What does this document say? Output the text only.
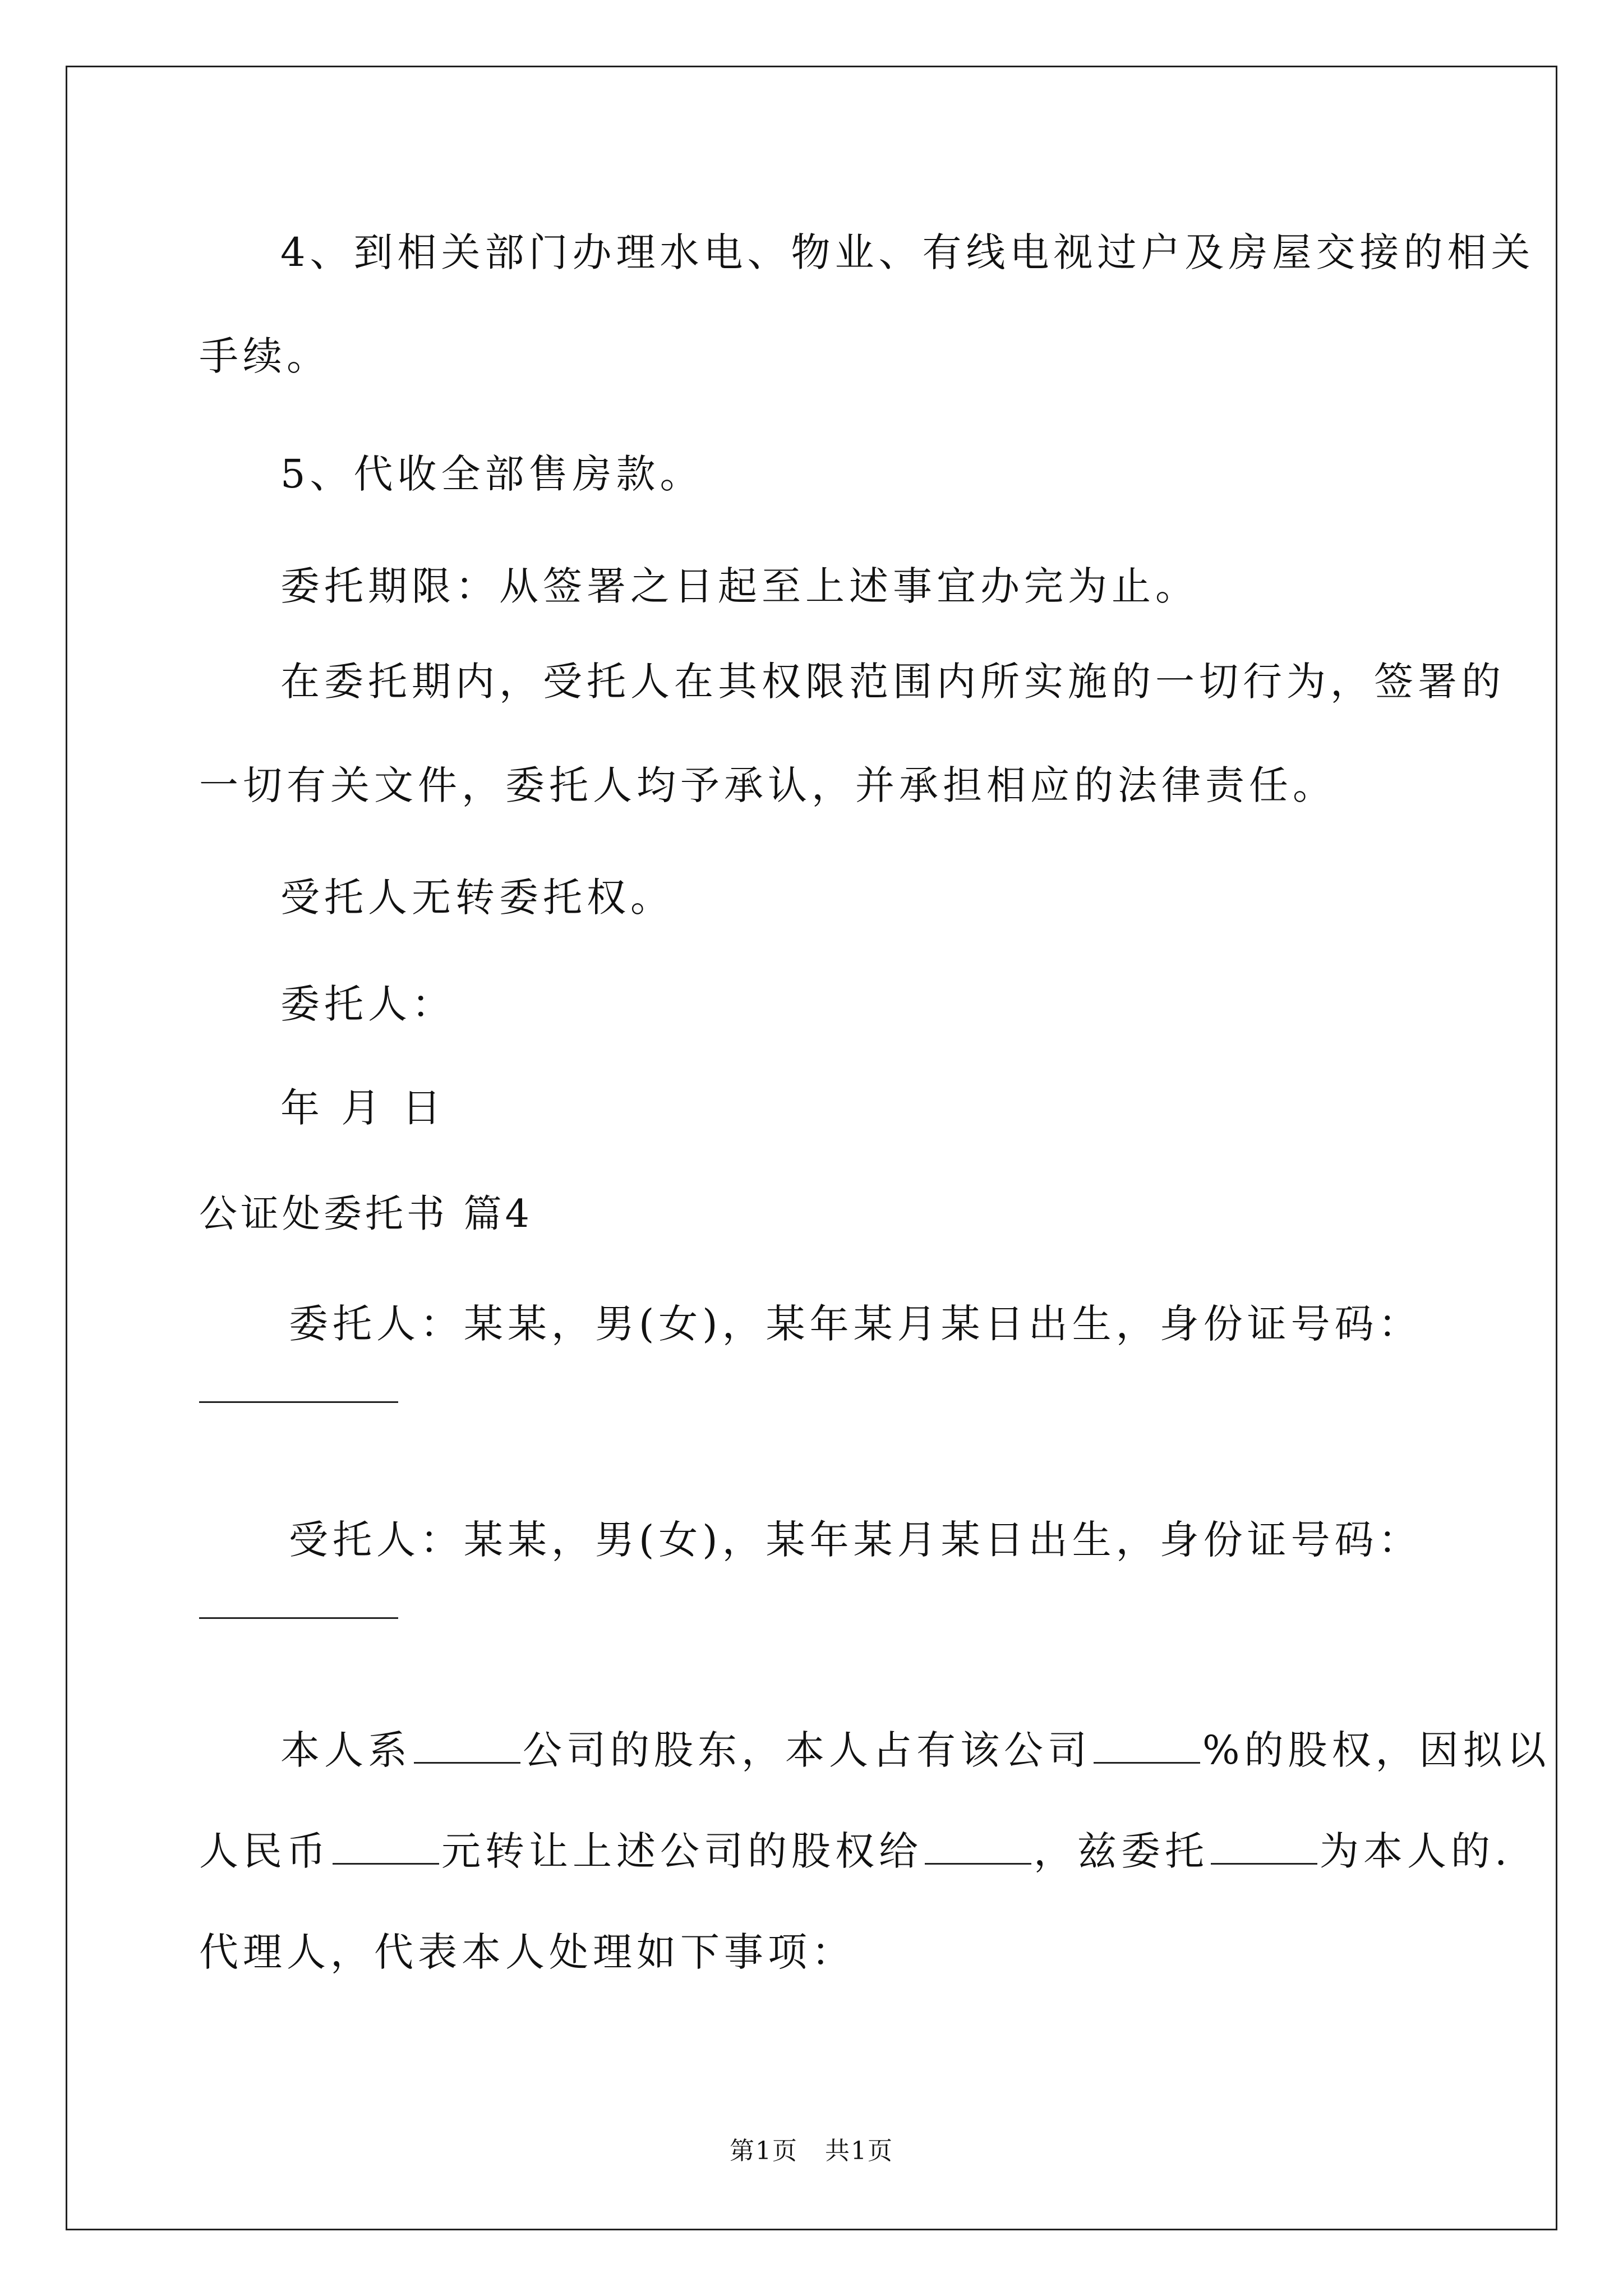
4、到相关部门办理水电、物业、有线电视过户及房屋交接的相关
手续。
5、代收全部售房款。
委托期限：从签署之日起至上述事宜办完为止。
在委托期内，受托人在其权限范围内所实施的一切行为，签署的
一切有关文件，委托人均予承认，并承担相应的法律责任。
受托人无转委托权。
委托人：
年 月 日
公证处委托书 篇4
委托人：某某，男(女)，某年某月某日出生，身份证号码：
受托人：某某，男(女)，某年某月某日出生，身份证号码：
本人系	公司的股东，本人占有该公司	%的股权，因拟以
人民币	元转让上述公司的股权给	，兹委托	为本人的.
代理人，代表本人处理如下事项：
第1页 共1页
